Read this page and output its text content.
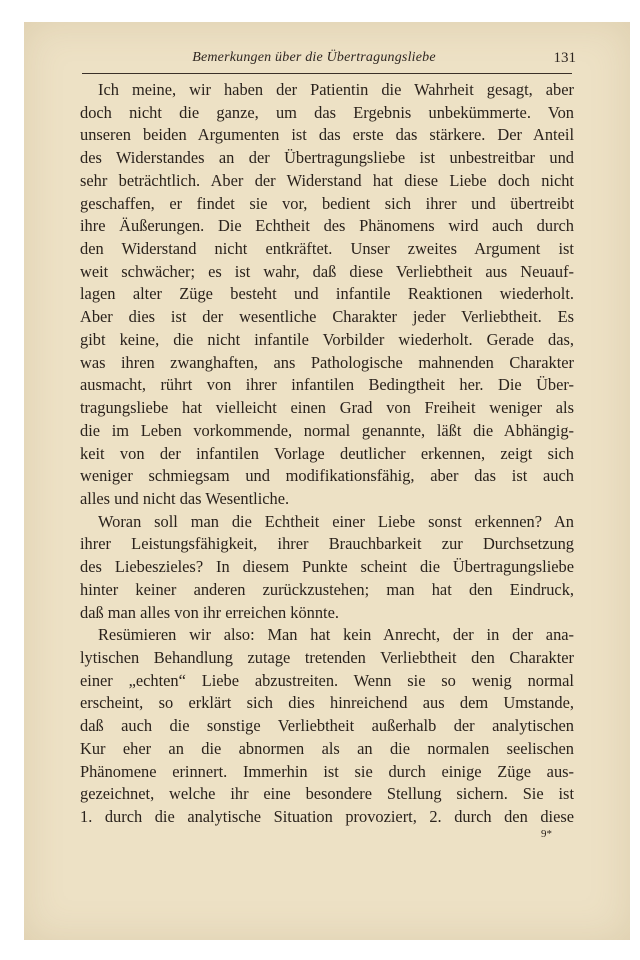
Bemerkungen über die Übertragungsliebe	131
Ich meine, wir haben der Patientin die Wahrheit gesagt, aber
doch nicht die ganze, um das Ergebnis unbekümmerte. Von
unseren beiden Argumenten ist das erste das stärkere. Der Anteil
des Widerstandes an der Übertragungsliebe ist unbestreitbar und
sehr beträchtlich. Aber der Widerstand hat diese Liebe doch nicht
geschaffen, er findet sie vor, bedient sich ihrer und übertreibt
ihre Äußerungen. Die Echtheit des Phänomens wird auch durch
den Widerstand nicht entkräftet. Unser zweites Argument ist
weit schwächer; es ist wahr, daß diese Verliebtheit aus Neuauf-
lagen alter Züge besteht und infantile Reaktionen wiederholt.
Aber dies ist der wesentliche Charakter jeder Verliebtheit. Es
gibt keine, die nicht infantile Vorbilder wiederholt. Gerade das,
was ihren zwanghaften, ans Pathologische mahnenden Charakter
ausmacht, rührt von ihrer infantilen Bedingtheit her. Die Über-
tragungsliebe hat vielleicht einen Grad von Freiheit weniger als
die im Leben vorkommende, normal genannte, läßt die Abhängig-
keit von der infantilen Vorlage deutlicher erkennen, zeigt sich
weniger schmiegsam und modifikationsfähig, aber das ist auch
alles und nicht das Wesentliche.
Woran soll man die Echtheit einer Liebe sonst erkennen? An
ihrer Leistungsfähigkeit, ihrer Brauchbarkeit zur Durchsetzung
des Liebeszieles? In diesem Punkte scheint die Übertragungsliebe
hinter keiner anderen zurückzustehen; man hat den Eindruck,
daß man alles von ihr erreichen könnte.
Resümieren wir also: Man hat kein Anrecht, der in der ana-
lytischen Behandlung zutage tretenden Verliebtheit den Charakter
einer „echten“ Liebe abzustreiten. Wenn sie so wenig normal
erscheint, so erklärt sich dies hinreichend aus dem Umstande,
daß auch die sonstige Verliebtheit außerhalb der analytischen
Kur eher an die abnormen als an die normalen seelischen
Phänomene erinnert. Immerhin ist sie durch einige Züge aus-
gezeichnet, welche ihr eine besondere Stellung sichern. Sie ist
1. durch die analytische Situation provoziert, 2. durch den diese
9*
